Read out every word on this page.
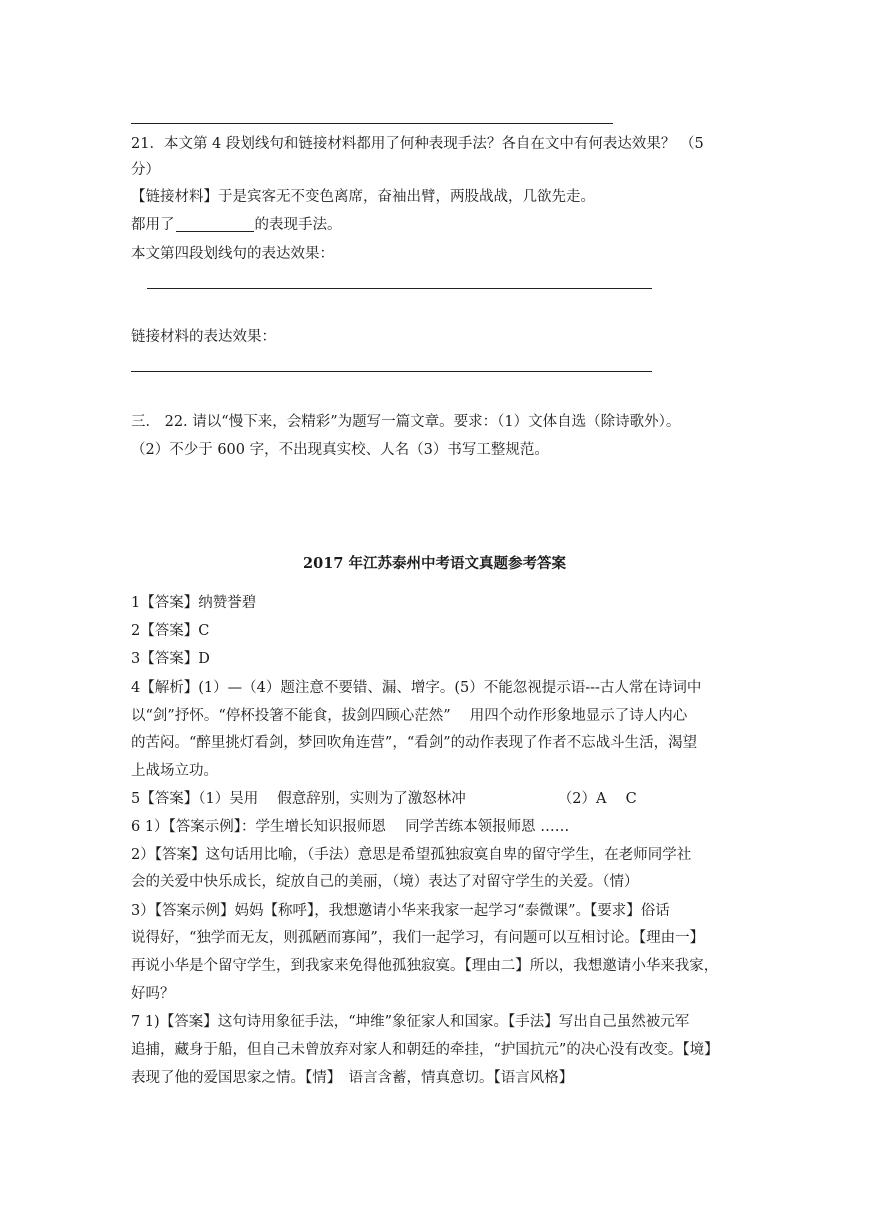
21．本文第 4 段划线句和链接材料都用了何种表现手法？各自在文中有何表达效果？ （5
分）
【链接材料】于是宾客无不变色离席，奋袖出臂，两股战战，几欲先走。
都用了	的表现手法。
本文第四段划线句的表达效果：
链接材料的表达效果：
三． 22. 请以“慢下来，会精彩”为题写一篇文章。要求：（1）文体自选（除诗歌外）。
（2）不少于 600 字，不出现真实校、人名（3）书写工整规范。
2017 年江苏泰州中考语文真题参考答案
1【答案】纳赞誉碧
2【答案】C
3【答案】D
4【解析】(1）—（4）题注意不要错、漏、增字。(5）不能忽视提示语---古人常在诗词中
以“剑”抒怀。“停杯投箸不能食，拔剑四顾心茫然”　 用四个动作形象地显示了诗人内心
的苦闷。“醉里挑灯看剑，梦回吹角连营”，“看剑”的动作表现了作者不忘战斗生活，渴望
上战场立功。
5【答案】（1）吴用　 假意辞别，实则为了激怒林冲	（2）A　 C
6 1）【答案示例】：学生增长知识报师恩　 同学苦练本领报师恩 ……
2）【答案】这句话用比喻，（手法）意思是希望孤独寂寞自卑的留守学生，在老师同学社
会的关爱中快乐成长，绽放自己的美丽，（境）表达了对留守学生的关爱。（情）
3）【答案示例】妈妈【称呼】，我想邀请小华来我家一起学习“泰微课”。【要求】俗话
说得好，“独学而无友，则孤陋而寡闻”，我们一起学习，有问题可以互相讨论。【理由一】
再说小华是个留守学生，到我家来免得他孤独寂寞。【理由二】所以，我想邀请小华来我家，
好吗？
7 1)【答案】这句诗用象征手法，“坤维”象征家人和国家。【手法】写出自己虽然被元军
追捕，藏身于船，但自己未曾放弃对家人和朝廷的牵挂，“护国抗元”的决心没有改变。【境】
表现了他的爱国思家之情。【情】　语言含蓄，情真意切。【语言风格】
